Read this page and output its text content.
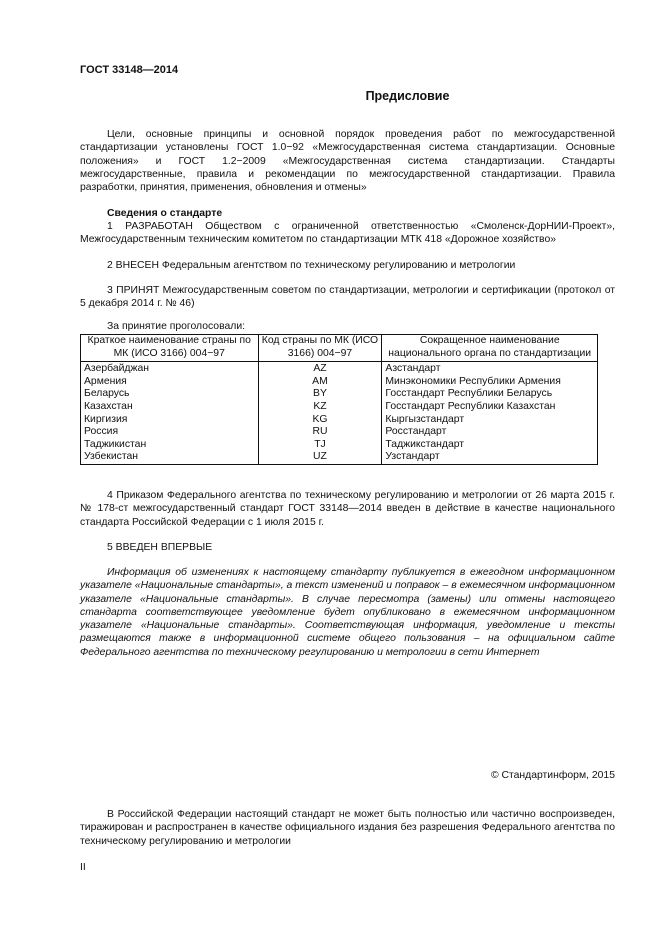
ГОСТ 33148—2014
Предисловие
Цели, основные принципы и основной порядок проведения работ по межгосударственной стандартизации установлены ГОСТ 1.0−92 «Межгосударственная система стандартизации. Основные положения» и ГОСТ 1.2−2009 «Межгосударственная система стандартизации. Стандарты межгосударственные, правила и рекомендации по межгосударственной стандартизации. Правила разработки, принятия, применения, обновления и отмены»
Сведения о стандарте
1 РАЗРАБОТАН Обществом с ограниченной ответственностью «Смоленск-ДорНИИ-Проект», Межгосударственным техническим комитетом по стандартизации МТК 418 «Дорожное хозяйство»
2 ВНЕСЕН Федеральным агентством по техническому регулированию и метрологии
3 ПРИНЯТ Межгосударственным советом по стандартизации, метрологии и сертификации (протокол от 5 декабря 2014 г. № 46)
За принятие проголосовали:
Краткое наименование страны по МК (ИСО 3166) 004−97	Код страны по МК (ИСО 3166) 004−97	Сокращенное наименование национального органа по стандартизации
Азербайджан	AZ	Азстандарт
Армения	AM	Минэкономики Республики Армения
Беларусь	BY	Госстандарт Республики Беларусь
Казахстан	KZ	Госстандарт Республики Казахстан
Киргизия	KG	Кыргызстандарт
Россия	RU	Росстандарт
Таджикистан	TJ	Таджикстандарт
Узбекистан	UZ	Узстандарт
4 Приказом Федерального агентства по техническому регулированию и метрологии от 26 марта 2015 г. № 178-ст межгосударственный стандарт ГОСТ 33148—2014 введен в действие в качестве национального стандарта Российской Федерации с 1 июля 2015 г.
5 ВВЕДЕН ВПЕРВЫЕ
Информация об изменениях к настоящему стандарту публикуется в ежегодном информационном указателе «Национальные стандарты», а текст изменений и поправок – в ежемесячном информационном указателе «Национальные стандарты». В случае пересмотра (замены) или отмены настоящего стандарта соответствующее уведомление будет опубликовано в ежемесячном информационном указателе «Национальные стандарты». Соответствующая информация, уведомление и тексты размещаются также в информационной системе общего пользования – на официальном сайте Федерального агентства по техническому регулированию и метрологии в сети Интернет
© Стандартинформ, 2015
В Российской Федерации настоящий стандарт не может быть полностью или частично воспроизведен, тиражирован и распространен в качестве официального издания без разрешения Федерального агентства по техническому регулированию и метрологии
II
